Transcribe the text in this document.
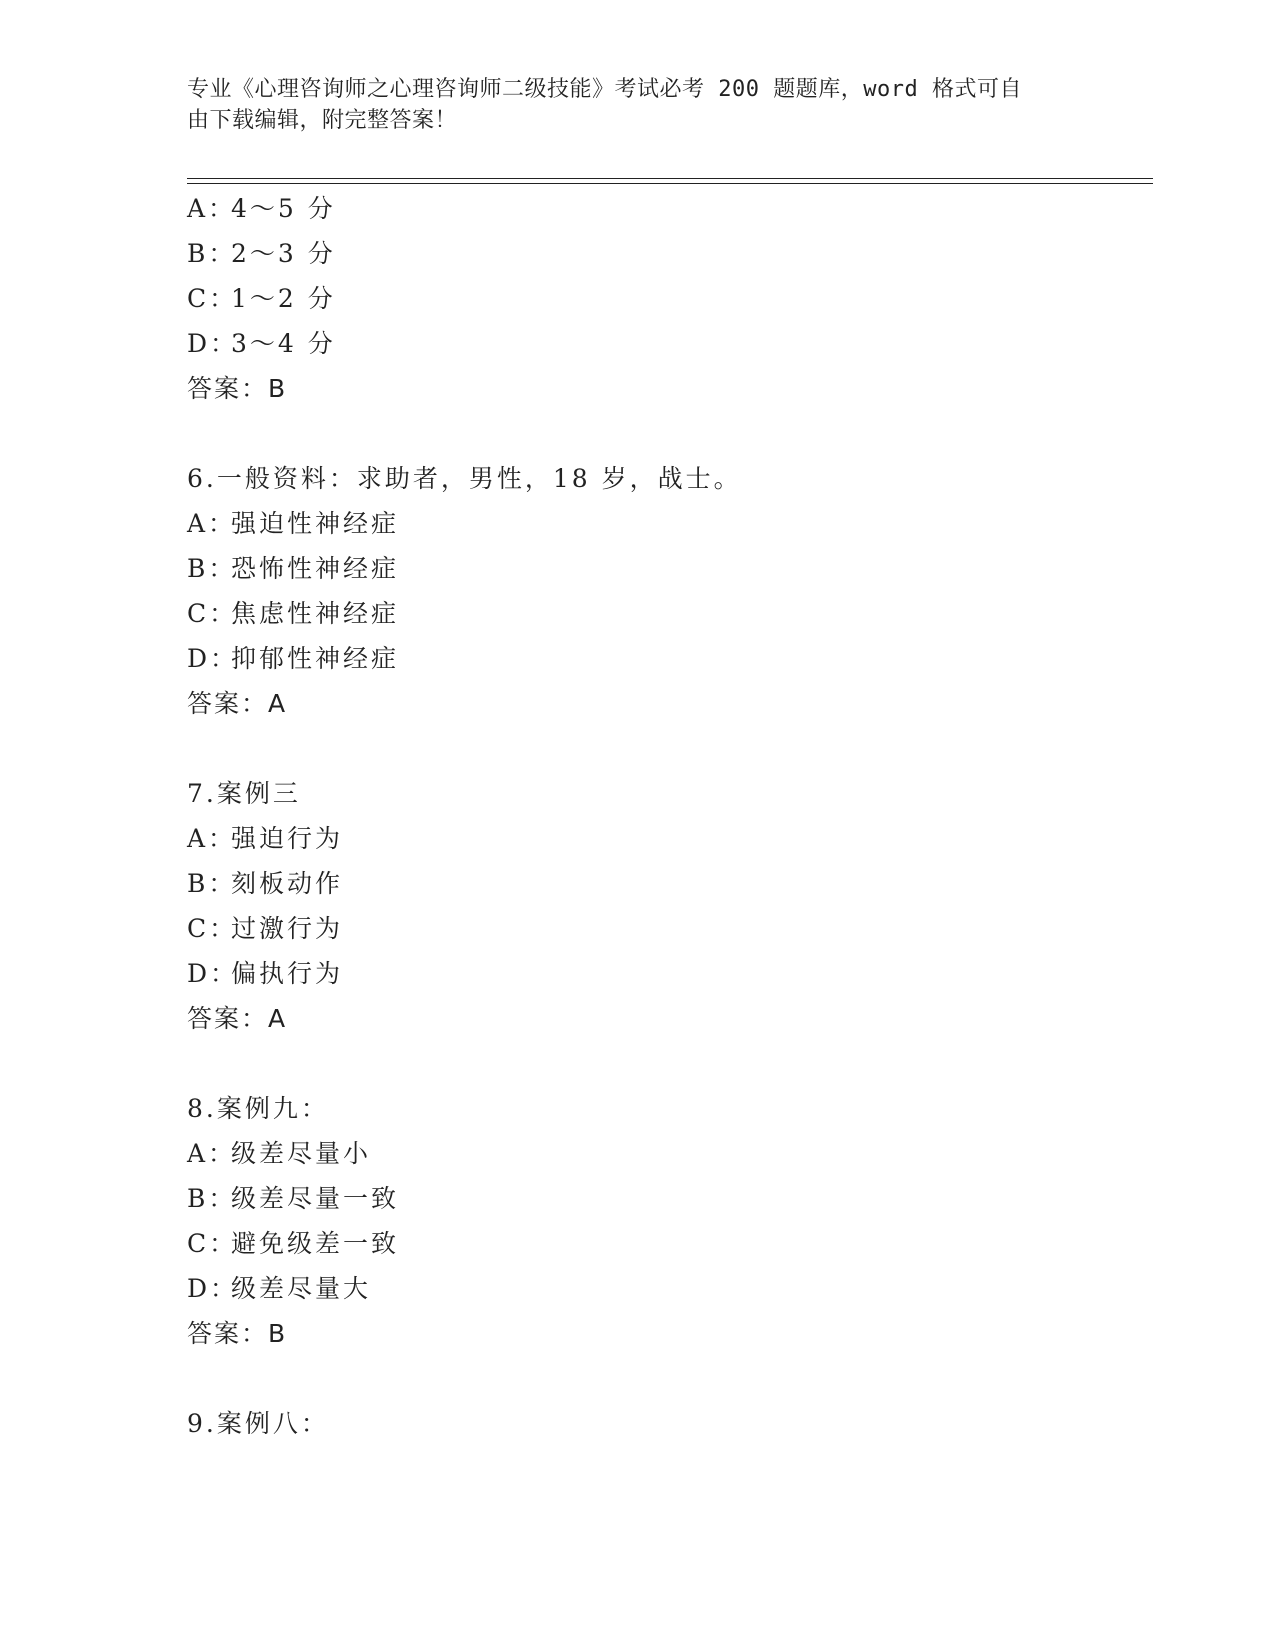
专业《心理咨询师之心理咨询师二级技能》考试必考 200 题题库，word 格式可自
由下载编辑，附完整答案！
A：4～5 分
B：2～3 分
C：1～2 分
D：3～4 分
答案：B
6.一般资料：求助者，男性，18 岁，战士。
A：强迫性神经症
B：恐怖性神经症
C：焦虑性神经症
D：抑郁性神经症
答案：A
7.案例三
A：强迫行为
B：刻板动作
C：过激行为
D：偏执行为
答案：A
8.案例九：
A：级差尽量小
B：级差尽量一致
C：避免级差一致
D：级差尽量大
答案：B
9.案例八：
